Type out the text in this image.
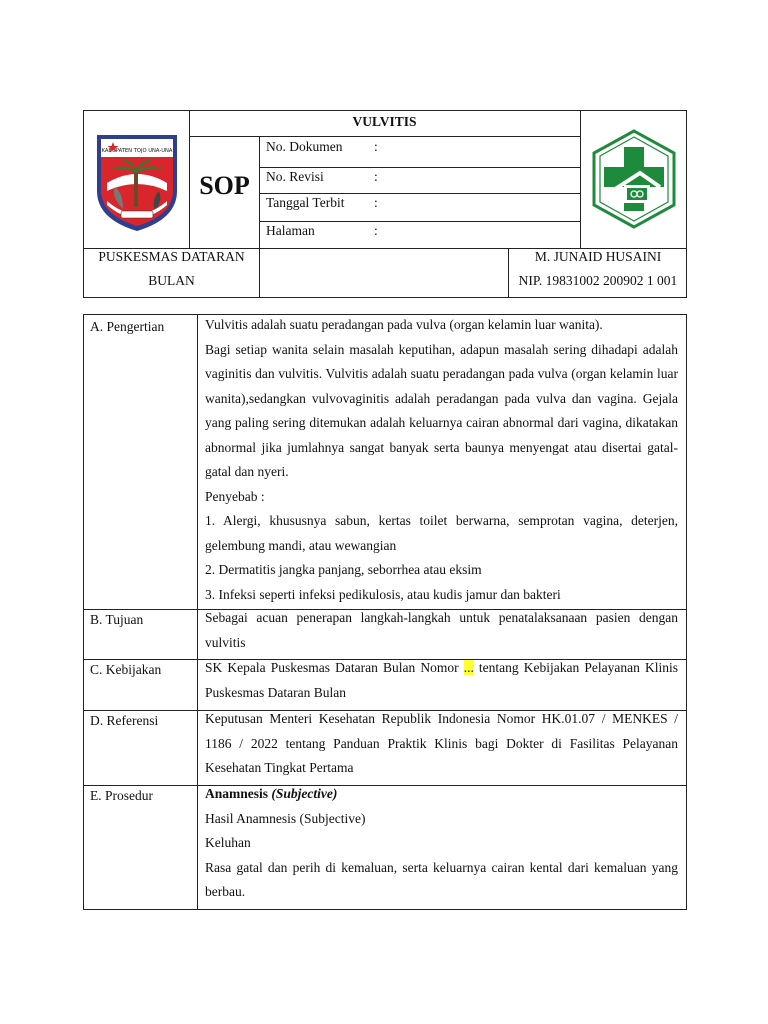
VULVITIS
SOP
No. Dokumen :
No. Revisi	:
Tanggal Terbit :
Halaman	:
PUSKESMAS DATARAN
BULAN
M. JUNAID HUSAINI
NIP. 19831002 200902 1 001
KABUPATEN TOJO UNA-UNA
A. Pengertian	Vulvitis adalah suatu peradangan pada vulva (organ kelamin luar wanita).

Bagi setiap wanita selain masalah keputihan, adapun masalah sering dihadapi adalah vaginitis dan vulvitis. Vulvitis adalah suatu peradangan pada vulva (organ kelamin luar wanita),sedangkan vulvovaginitis adalah peradangan pada vulva dan vagina. Gejala yang paling sering ditemukan adalah keluarnya cairan abnormal dari vagina, dikatakan abnormal jika jumlahnya sangat banyak serta baunya menyengat atau disertai gatal-gatal dan nyeri.

Penyebab :

1. Alergi, khususnya sabun, kertas toilet berwarna, semprotan vagina, deterjen, gelembung mandi, atau wewangian

2. Dermatitis jangka panjang, seborrhea atau eksim

3. Infeksi seperti infeksi pedikulosis, atau kudis jamur dan bakteri

B. Tujuan	Sebagai acuan penerapan langkah-langkah untuk penatalaksanaan pasien dengan vulvitis

C. Kebijakan	SK Kepala Puskesmas Dataran Bulan Nomor ... tentang Kebijakan Pelayanan Klinis Puskesmas Dataran Bulan

D. Referensi	Keputusan Menteri Kesehatan Republik Indonesia Nomor HK.01.07 / MENKES / 1186 / 2022 tentang Panduan Praktik Klinis bagi Dokter di Fasilitas Pelayanan Kesehatan Tingkat Pertama

E. Prosedur	Anamnesis (Subjective)

Hasil Anamnesis (Subjective)

Keluhan

Rasa gatal dan perih di kemaluan, serta keluarnya cairan kental dari kemaluan yang berbau.
